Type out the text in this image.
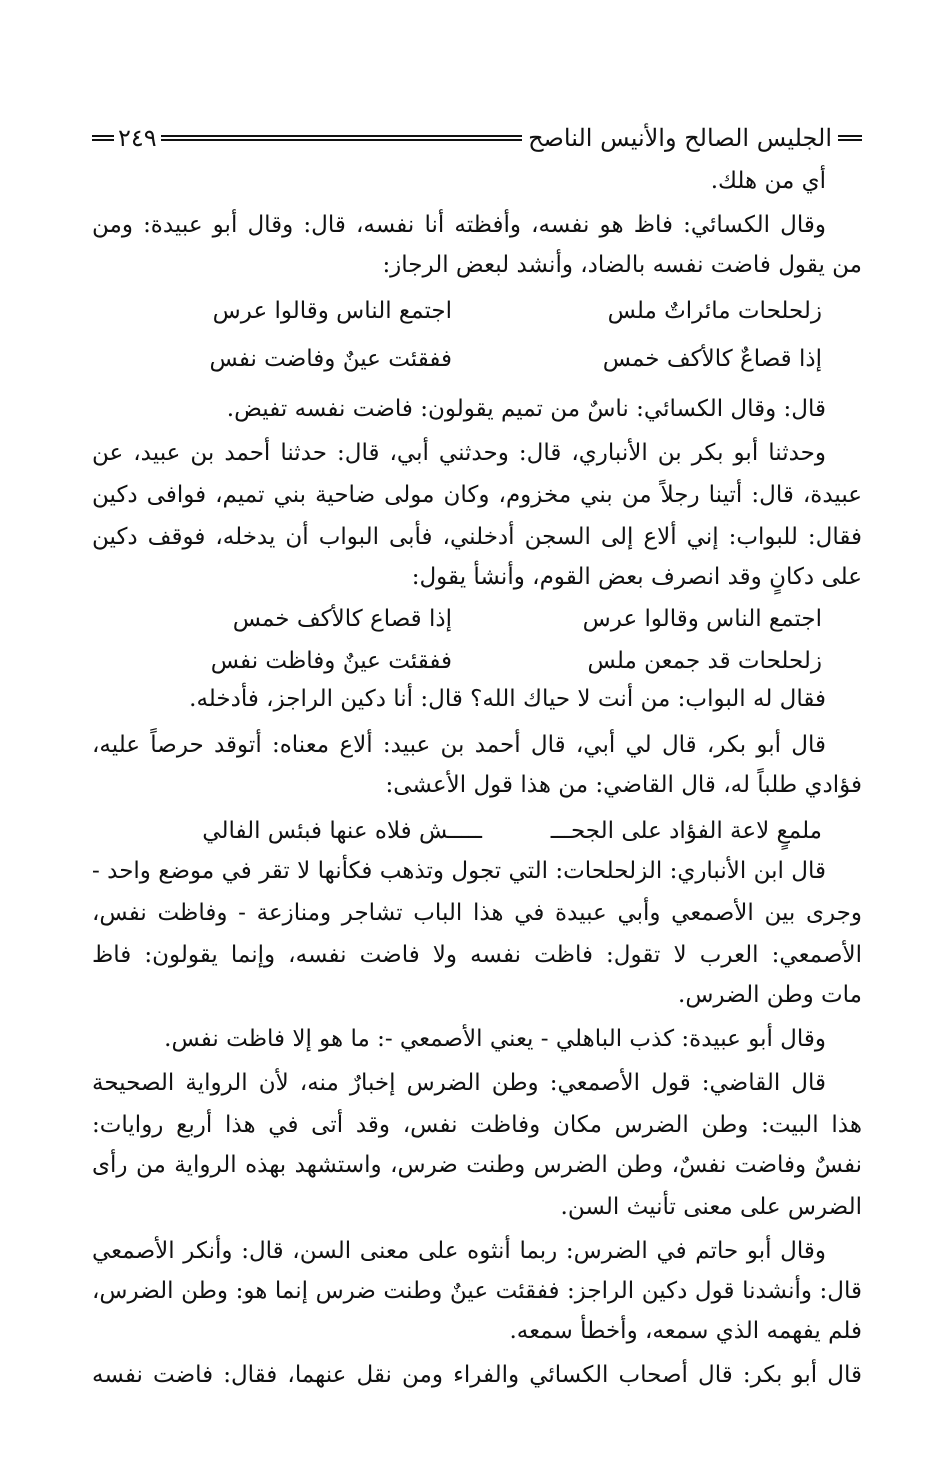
الجليس الصالح والأنيس الناصح
٢٤٩
أي من هلك.
وقال الكسائي: فاظ هو نفسه، وأفظته أنا نفسه، قال: وقال أبو عبيدة: ومن
من يقول فاضت نفسه بالضاد، وأنشد لبعض الرجاز:
زلحلحات مائراتٌ ملس
اجتمع الناس وقالوا عرس
إذا قصاعٌ كالأكف خمس
ففقئت عينٌ وفاضت نفس
قال: وقال الكسائي: ناسٌ من تميم يقولون: فاضت نفسه تفيض.
وحدثنا أبو بكر بن الأنباري، قال: وحدثني أبي، قال: حدثنا أحمد بن عبيد، عن
عبيدة، قال: أتينا رجلاً من بني مخزوم، وكان مولى ضاحية بني تميم، فوافى دكين
فقال: للبواب: إني ألاع إلى السجن أدخلني، فأبى البواب أن يدخله، فوقف دكين
على دكانٍ وقد انصرف بعض القوم، وأنشأ يقول:
اجتمع الناس وقالوا عرس
إذا قصاع كالأكف خمس
زلحلحات قد جمعن ملس
ففقئت عينٌ وفاظت نفس
فقال له البواب: من أنت لا حياك الله؟ قال: أنا دكين الراجز، فأدخله.
قال أبو بكر، قال لي أبي، قال أحمد بن عبيد: ألاع معناه: أتوقد حرصاً عليه،
فؤادي طلباً له، قال القاضي: من هذا قول الأعشى:
ملمعٍ لاعة الفؤاد على الجحـــ
ـــــش فلاه عنها فبئس الفالي
قال ابن الأنباري: الزلحلحات: التي تجول وتذهب فكأنها لا تقر في موضع واحد -
وجرى بين الأصمعي وأبي عبيدة في هذا الباب تشاجر ومنازعة - وفاظت نفس،
الأصمعي: العرب لا تقول: فاظت نفسه ولا فاضت نفسه، وإنما يقولون: فاظ
مات وطن الضرس.
وقال أبو عبيدة: كذب الباهلي - يعني الأصمعي -: ما هو إلا فاظت نفس.
قال القاضي: قول الأصمعي: وطن الضرس إخبارٌ منه، لأن الرواية الصحيحة
هذا البيت: وطن الضرس مكان وفاظت نفس، وقد أتى في هذا أربع روايات:
نفسٌ وفاضت نفسٌ، وطن الضرس وطنت ضرس، واستشهد بهذه الرواية من رأى
الضرس على معنى تأنيث السن.
وقال أبو حاتم في الضرس: ربما أنثوه على معنى السن، قال: وأنكر الأصمعي
قال: وأنشدنا قول دكين الراجز: ففقئت عينٌ وطنت ضرس إنما هو: وطن الضرس،
فلم يفهمه الذي سمعه، وأخطأ سمعه.
قال أبو بكر: قال أصحاب الكسائي والفراء ومن نقل عنهما، فقال: فاضت نفسه
